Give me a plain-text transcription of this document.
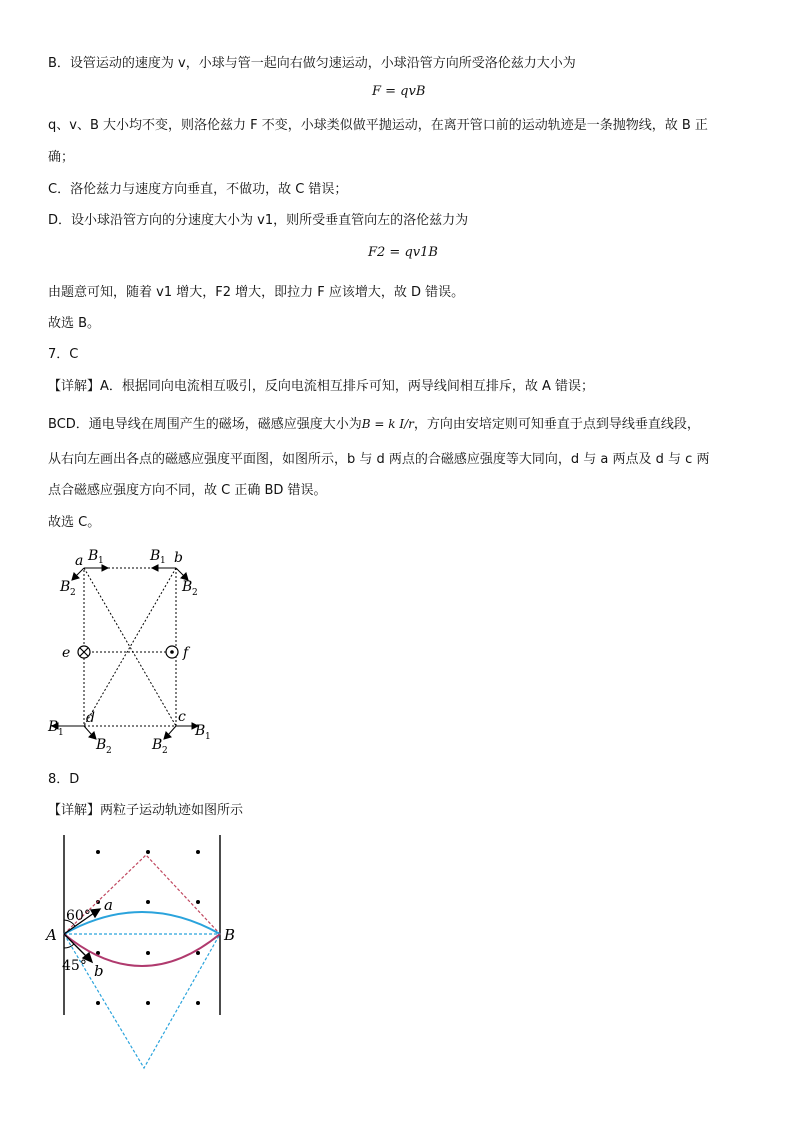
B．设管运动的速度为 v，小球与管一起向右做匀速运动，小球沿管方向所受洛伦兹力大小为
F = qvB
q、v、B 大小均不变，则洛伦兹力 F 不变，小球类似做平抛运动，在离开管口前的运动轨迹是一条抛物线，故 B 正
确；
C．洛伦兹力与速度方向垂直，不做功，故 C 错误；
D．设小球沿管方向的分速度大小为 v1，则所受垂直管向左的洛伦兹力为
F2 = qv1B
由题意可知，随着 v1 增大，F2 增大，即拉力 F 应该增大，故 D 错误。
故选 B。
7．C
【详解】A．根据同向电流相互吸引，反向电流相互排斥可知，两导线间相互排斥，故 A 错误；
BCD．通电导线在周围产生的磁场，磁感应强度大小为B = k I/r，方向由安培定则可知垂直于点到导线垂直线段，
从右向左画出各点的磁感应强度平面图，如图所示，b 与 d 两点的合磁感应强度等大同向，d 与 a 两点及 d 与 c 两
点合磁感应强度方向不同，故 C 正确 BD 错误。
故选 C。
a	b
e	f
d	c
B
B
B
B
B
B
B
B
1
2
1
2
1
2
1
2
8．D
【详解】两粒子运动轨迹如图所示
A	B
a
b
60°
45°
